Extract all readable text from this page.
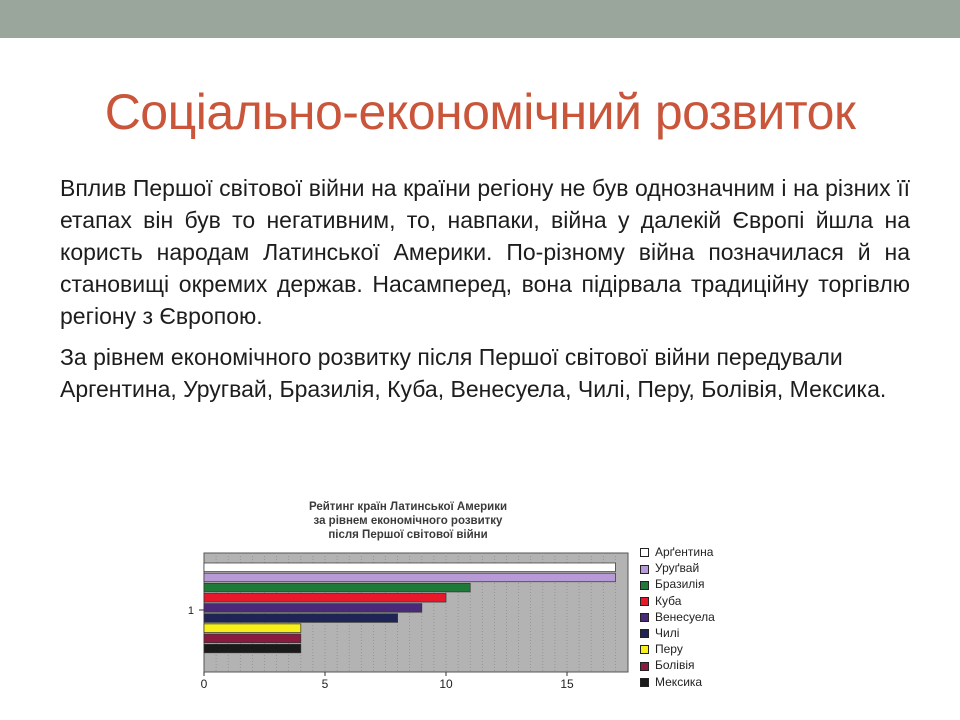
Соціально-економічний розвиток

Вплив Першої світової війни на країни регіону не був однозначним і на різних її етапах він був то негативним, то, навпаки, війна у далекій Європі йшла на користь народам Латинської Америки. По-різному війна позначилася й на становищі окремих держав. Насамперед, вона підірвала традиційну торгівлю регіону з Європою.

За рівнем економічного розвитку після Першої світової війни передували Аргентина, Уругвай, Бразилія, Куба, Венесуела, Чилі, Перу, Болівія, Мексика.

Рейтинг країн Латинської Америки
за рівнем економічного розвитку
після Першої світової війни
1
0	5	10	15
Арґентина
Уруґвай
Бразилія
Куба
Венесуела
Чилі
Перу
Болівія
Мексика
